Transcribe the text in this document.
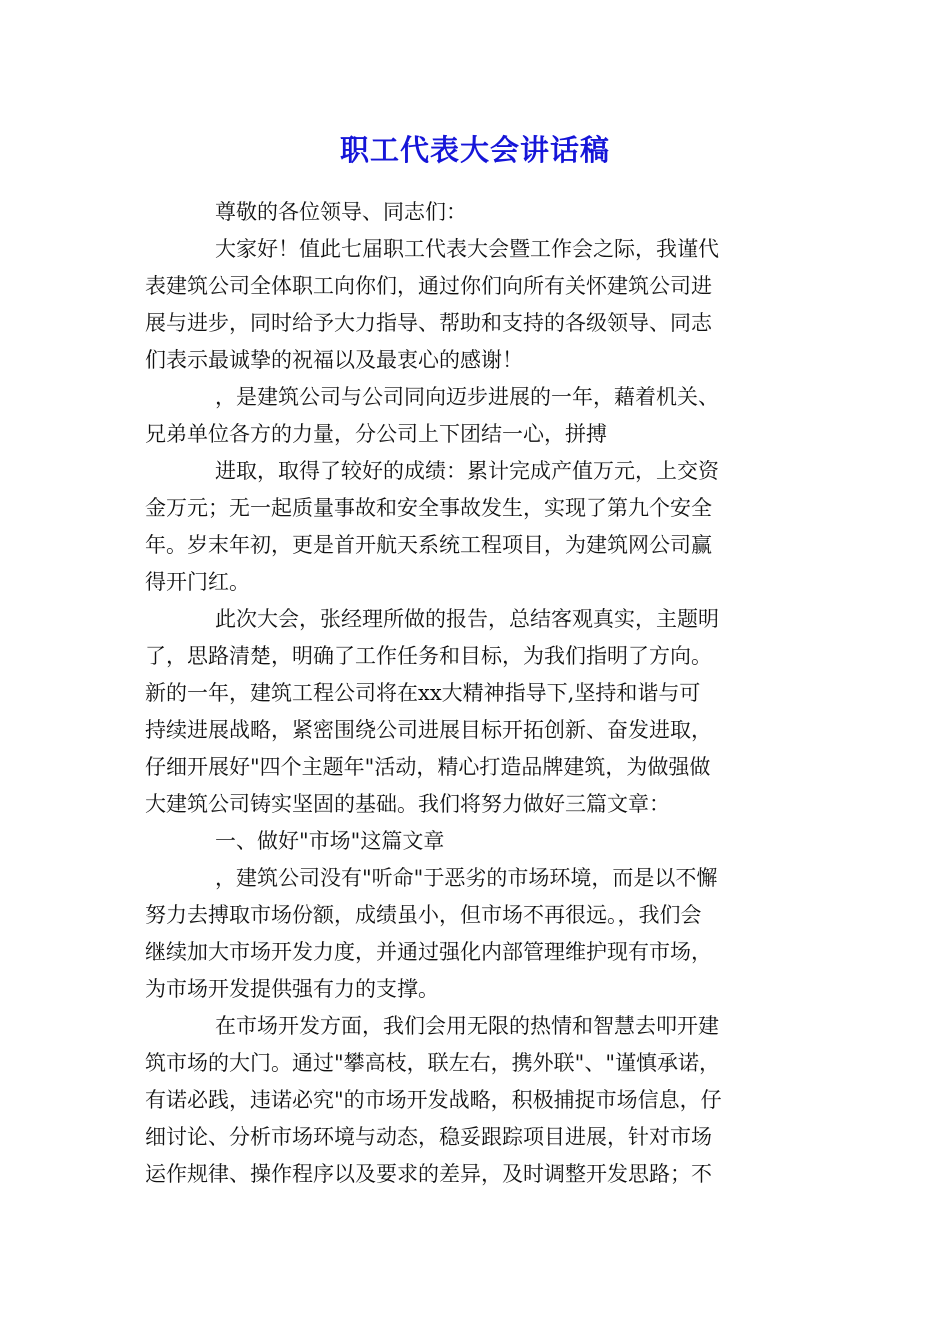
职工代表大会讲话稿
尊敬的各位领导、同志们：
大家好！值此七届职工代表大会暨工作会之际，我谨代
表建筑公司全体职工向你们，通过你们向所有关怀建筑公司进
展与进步，同时给予大力指导、帮助和支持的各级领导、同志
们表示最诚挚的祝福以及最衷心的感谢！
，是建筑公司与公司同向迈步进展的一年，藉着机关、
兄弟单位各方的力量，分公司上下团结一心，拼搏
进取，取得了较好的成绩：累计完成产值万元，上交资
金万元；无一起质量事故和安全事故发生，实现了第九个安全
年。岁末年初，更是首开航天系统工程项目，为建筑网公司赢
得开门红。
此次大会，张经理所做的报告，总结客观真实，主题明
了，思路清楚，明确了工作任务和目标，为我们指明了方向。
新的一年，建筑工程公司将在xx大精神指导下,坚持和谐与可
持续进展战略，紧密围绕公司进展目标开拓创新、奋发进取，
仔细开展好"四个主题年"活动，精心打造品牌建筑，为做强做
大建筑公司铸实坚固的基础。我们将努力做好三篇文章：
一、做好"市场"这篇文章
，建筑公司没有"听命"于恶劣的市场环境，而是以不懈
努力去搏取市场份额，成绩虽小，但市场不再很远。，我们会
继续加大市场开发力度，并通过强化内部管理维护现有市场，
为市场开发提供强有力的支撑。
在市场开发方面，我们会用无限的热情和智慧去叩开建
筑市场的大门。通过"攀高枝，联左右，携外联"、"谨慎承诺，
有诺必践，违诺必究"的市场开发战略，积极捕捉市场信息，仔
细讨论、分析市场环境与动态，稳妥跟踪项目进展，针对市场
运作规律、操作程序以及要求的差异，及时调整开发思路；不
